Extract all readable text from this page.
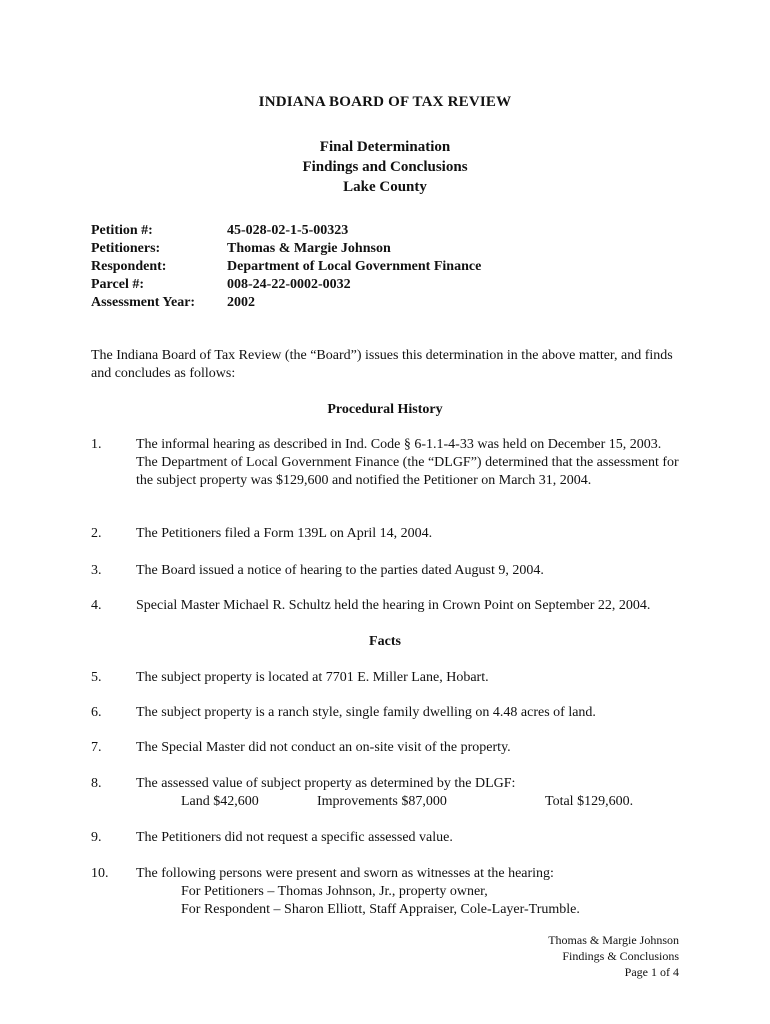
INDIANA BOARD OF TAX REVIEW
Final Determination
Findings and Conclusions
Lake County
Petition #:	45-028-02-1-5-00323
Petitioners:	Thomas & Margie Johnson
Respondent:	Department of Local Government Finance
Parcel #:	008-24-22-0002-0032
Assessment Year:	2002
The Indiana Board of Tax Review (the “Board”) issues this determination in the above matter, and finds and concludes as follows:
Procedural History
1.	The informal hearing as described in Ind. Code § 6-1.1-4-33 was held on December 15, 2003. The Department of Local Government Finance (the “DLGF”) determined that the assessment for the subject property was $129,600 and notified the Petitioner on March 31, 2004.
2.	The Petitioners filed a Form 139L on April 14, 2004.
3.	The Board issued a notice of hearing to the parties dated August 9, 2004.
4.	Special Master Michael R. Schultz held the hearing in Crown Point on September 22, 2004.
Facts
5.	The subject property is located at 7701 E. Miller Lane, Hobart.
6.	The subject property is a ranch style, single family dwelling on 4.48 acres of land.
7.	The Special Master did not conduct an on-site visit of the property.
8.	The assessed value of subject property as determined by the DLGF:
Land $42,600	Improvements $87,000	Total $129,600.
9.	The Petitioners did not request a specific assessed value.
10.	The following persons were present and sworn as witnesses at the hearing:
For Petitioners – Thomas Johnson, Jr., property owner,
For Respondent – Sharon Elliott, Staff Appraiser, Cole-Layer-Trumble.
Thomas & Margie Johnson
Findings & Conclusions
Page 1 of 4
